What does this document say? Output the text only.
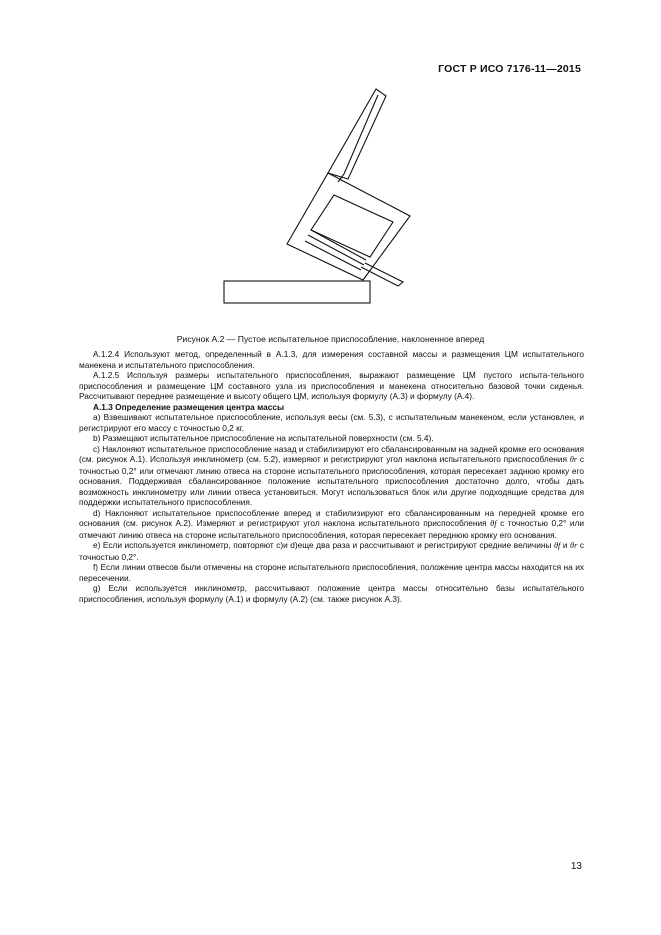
ГОСТ Р ИСО 7176-11—2015
Рисунок А.2 — Пустое испытательное приспособление, наклоненное вперед

А.1.2.4 Используют метод, определенный в А.1.3, для измерения составной массы и размещения ЦМ испытательного манекена и испытательного приспособления.

А.1.2.5 Используя размеры испытательного приспособления, выражают размещение ЦМ пустого испыта-тельного приспособления и размещение ЦМ составного узла из приспособления и манекена относительно базовой точки сиденья. Рассчитывают переднее размещение и высоту общего ЦМ, используя формулу (А.3) и формулу (А.4).

А.1.3 Определение размещения центра массы

а) Взвешивают испытательное приспособление, используя весы (см. 5.3), с испытательным манекеном, если установлен, и регистрируют его массу с точностью 0,2 кг.

b) Размещают испытательное приспособление на испытательной поверхности (см. 5.4).

с) Наклоняют испытательное приспособление назад и стабилизируют его сбалансированным на задней кромке его основания (см. рисунок А.1). Используя инклинометр (см. 5.2), измеряют и регистрируют угол наклона испытательного приспособления θr с точностью 0,2° или отмечают линию отвеса на стороне испытательного приспособления, которая пересекает заднюю кромку его основания. Поддерживая сбалансированное положение испытательного приспособления достаточно долго, чтобы дать возможность инклинометру или линии отвеса установиться. Могут использоваться блок или другие подходящие средства для поддержки испытательного приспособления.

d) Наклоняют испытательное приспособление вперед и стабилизируют его сбалансированным на передней кромке его основания (см. рисунок А.2). Измеряют и регистрируют угол наклона испытательного приспособления θf с точностью 0,2° или отмечают линию отвеса на стороне испытательного приспособления, которая пересекает переднюю кромку его основания.

е) Если используется инклинометр, повторяют с)и d)еще два раза и рассчитывают и регистрируют средние величины θf и θr с точностью 0,2°.

f) Если линии отвесов были отмечены на стороне испытательного приспособления, положение центра массы находится на их пересечении.

g) Если используется инклинометр, рассчитывают положение центра массы относительно базы испытательного приспособления, используя формулу (А.1) и формулу (А.2) (см. также рисунок А.3).

13
